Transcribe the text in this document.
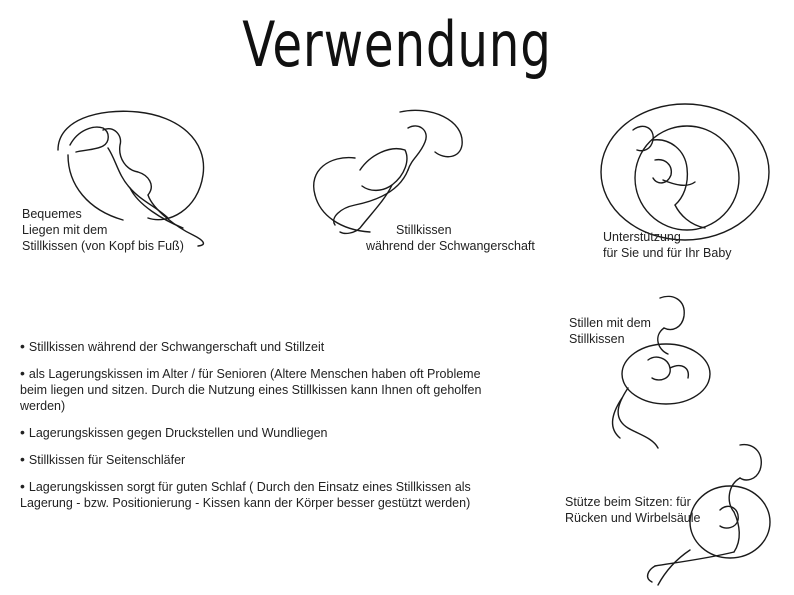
Verwendung
Bequemes
Liegen mit dem
Stillkissen (von Kopf bis Fuß)
Stillkissen
während der Schwangerschaft
Unterstützung
für Sie und für Ihr Baby
Stillen mit dem
Stillkissen
Stütze beim Sitzen: für
Rücken und Wirbelsäule
• Stillkissen während der Schwangerschaft und Stillzeit
• als Lagerungskissen im Alter / für Senioren (Altere Menschen haben oft Probleme
beim liegen und sitzen. Durch die Nutzung eines Stillkissen kann Ihnen oft geholfen
werden)
• Lagerungskissen gegen Druckstellen und Wundliegen
• Stillkissen für Seitenschläfer
• Lagerungskissen sorgt für guten Schlaf ( Durch den Einsatz eines Stillkissen als
Lagerung - bzw. Positionierung - Kissen kann der Körper besser gestützt werden)
